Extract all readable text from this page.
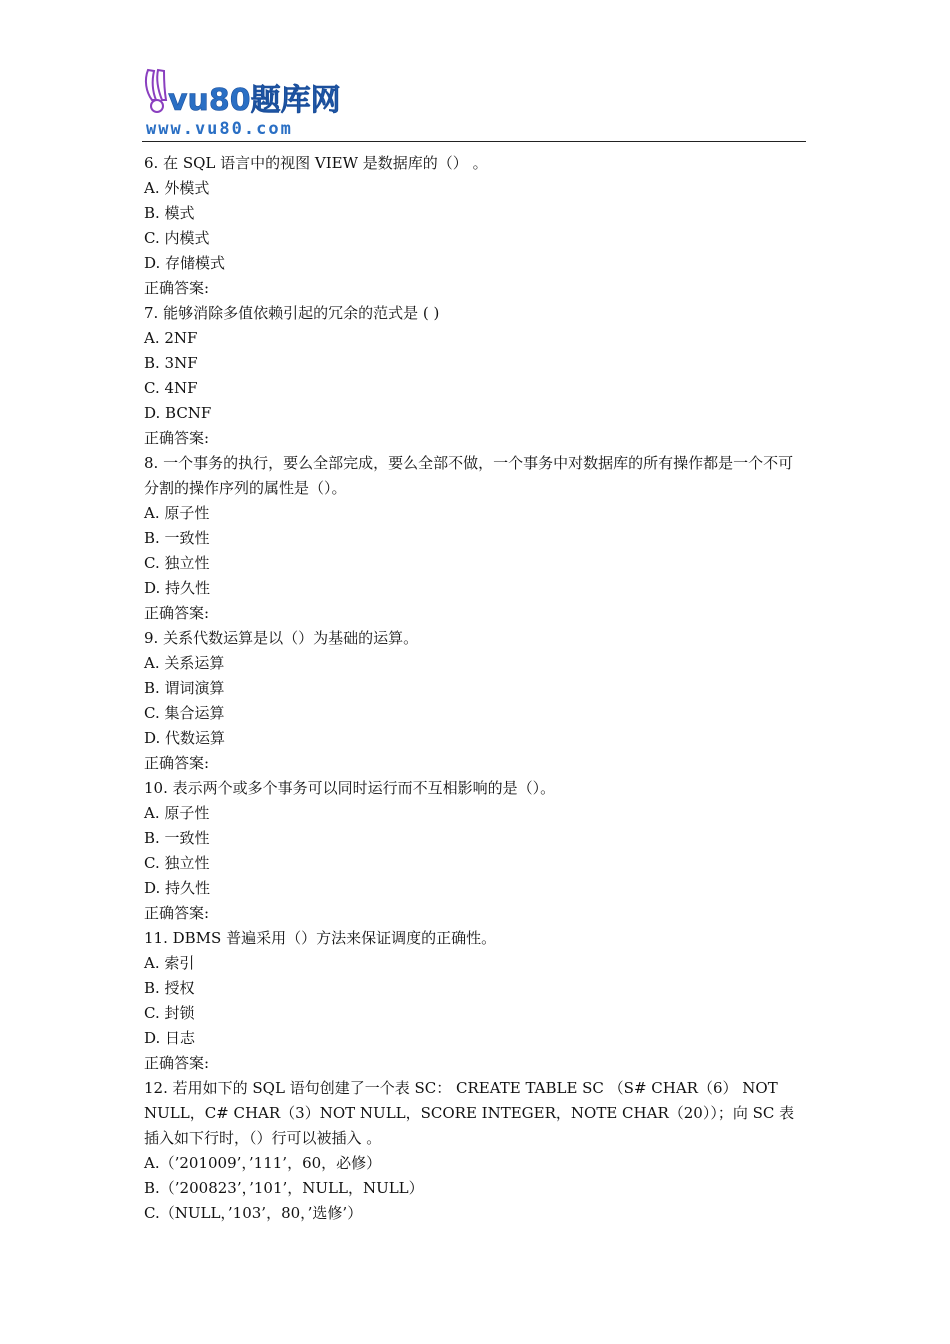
vu80题库网
www.vu80.com
6. 在 SQL 语言中的视图 VIEW 是数据库的（） 。
A. 外模式
B. 模式
C. 内模式
D. 存储模式
正确答案:
7. 能够消除多值依赖引起的冗余的范式是 ( )
A. 2NF
B. 3NF
C. 4NF
D. BCNF
正确答案:
8. 一个事务的执行，要么全部完成，要么全部不做，一个事务中对数据库的所有操作都是一个不可分割的操作序列的属性是（）。
A. 原子性
B. 一致性
C. 独立性
D. 持久性
正确答案:
9. 关系代数运算是以（）为基础的运算。
A. 关系运算
B. 谓词演算
C. 集合运算
D. 代数运算
正确答案:
10. 表示两个或多个事务可以同时运行而不互相影响的是（）。
A. 原子性
B. 一致性
C. 独立性
D. 持久性
正确答案:
11. DBMS 普遍采用（）方法来保证调度的正确性。
A. 索引
B. 授权
C. 封锁
D. 日志
正确答案:
12. 若用如下的 SQL 语句创建了一个表 SC： CREATE TABLE SC （S# CHAR（6） NOT NULL，C# CHAR（3）NOT NULL，SCORE INTEGER，NOTE CHAR（20））；向 SC 表插入如下行时，（）行可以被插入 。
A.（’201009’，’111’，60，必修）
B.（’200823’，’101’，NULL，NULL）
C.（NULL，’103’，80，’选修’）
